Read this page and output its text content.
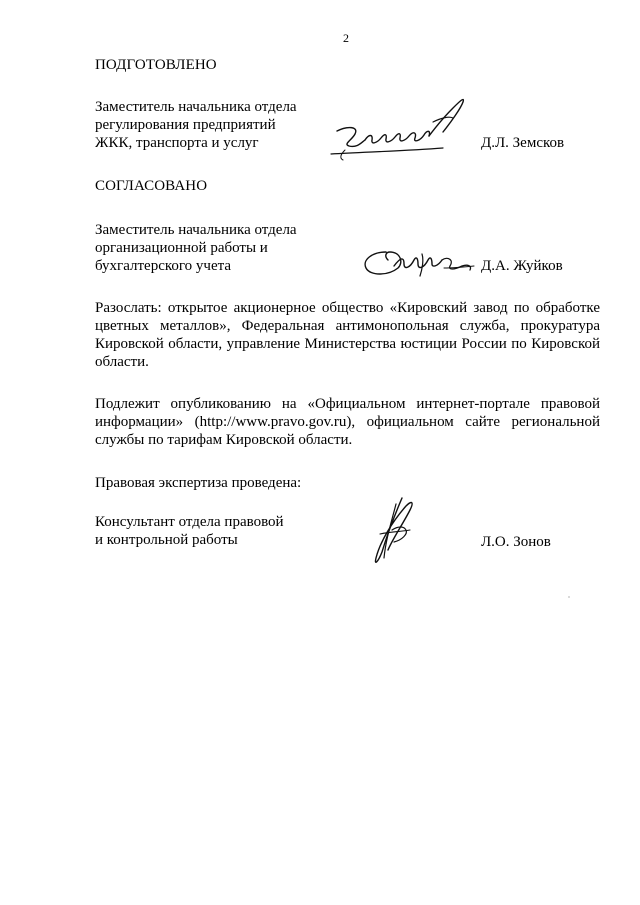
2
ПОДГОТОВЛЕНО
Заместитель начальника отдела
регулирования предприятий
ЖКК, транспорта и услуг	Д.Л. Земсков
СОГЛАСОВАНО
Заместитель начальника отдела
организационной работы и
бухгалтерского учета	Д.А. Жуйков
Разослать: открытое акционерное общество «Кировский завод по обработке цветных металлов», Федеральная антимонопольная служба, прокуратура Кировской области, управление Министерства юстиции России по Кировской области.
Подлежит опубликованию на «Официальном интернет-портале правовой информации» (http://www.pravo.gov.ru), официальном сайте региональной службы по тарифам Кировской области.
Правовая экспертиза проведена:
Консультант отдела правовой
и контрольной работы	Л.О. Зонов
